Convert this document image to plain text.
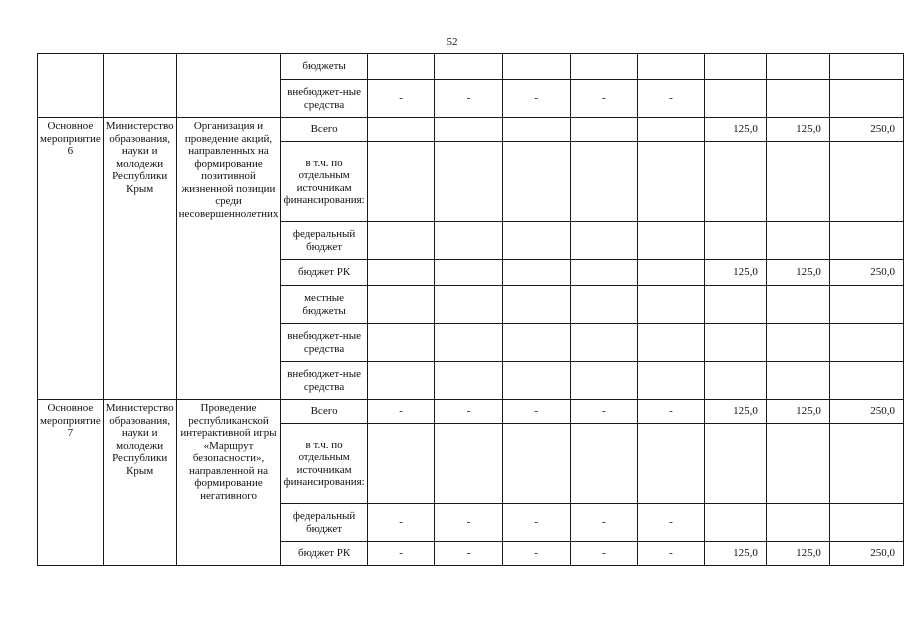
52
			бюджеты								
			внебюджет-ные средства	-	-	-	-	-			
Основное мероприятие 6	Министерство образования, науки и молодежи Республики Крым	Организация и проведение акций, направленных на формирование позитивной жизненной позиции среди несовершеннолетних	Всего						125,0	125,0	250,0
			в т.ч. по отдельным источникам финансирования:								
			федеральный бюджет								
			бюджет РК						125,0	125,0	250,0
			местные бюджеты								
			внебюджет-ные средства								
			внебюджет-ные средства								
Основное мероприятие 7	Министерство образования, науки и молодежи Республики Крым	Проведение республиканской интерактивной игры «Маршрут безопасности», направленной на формирование негативного	Всего	-	-	-	-	-	125,0	125,0	250,0
			в т.ч. по отдельным источникам финансирования:								
			федеральный бюджет	-	-	-	-	-			
			бюджет РК	-	-	-	-	-	125,0	125,0	250,0
